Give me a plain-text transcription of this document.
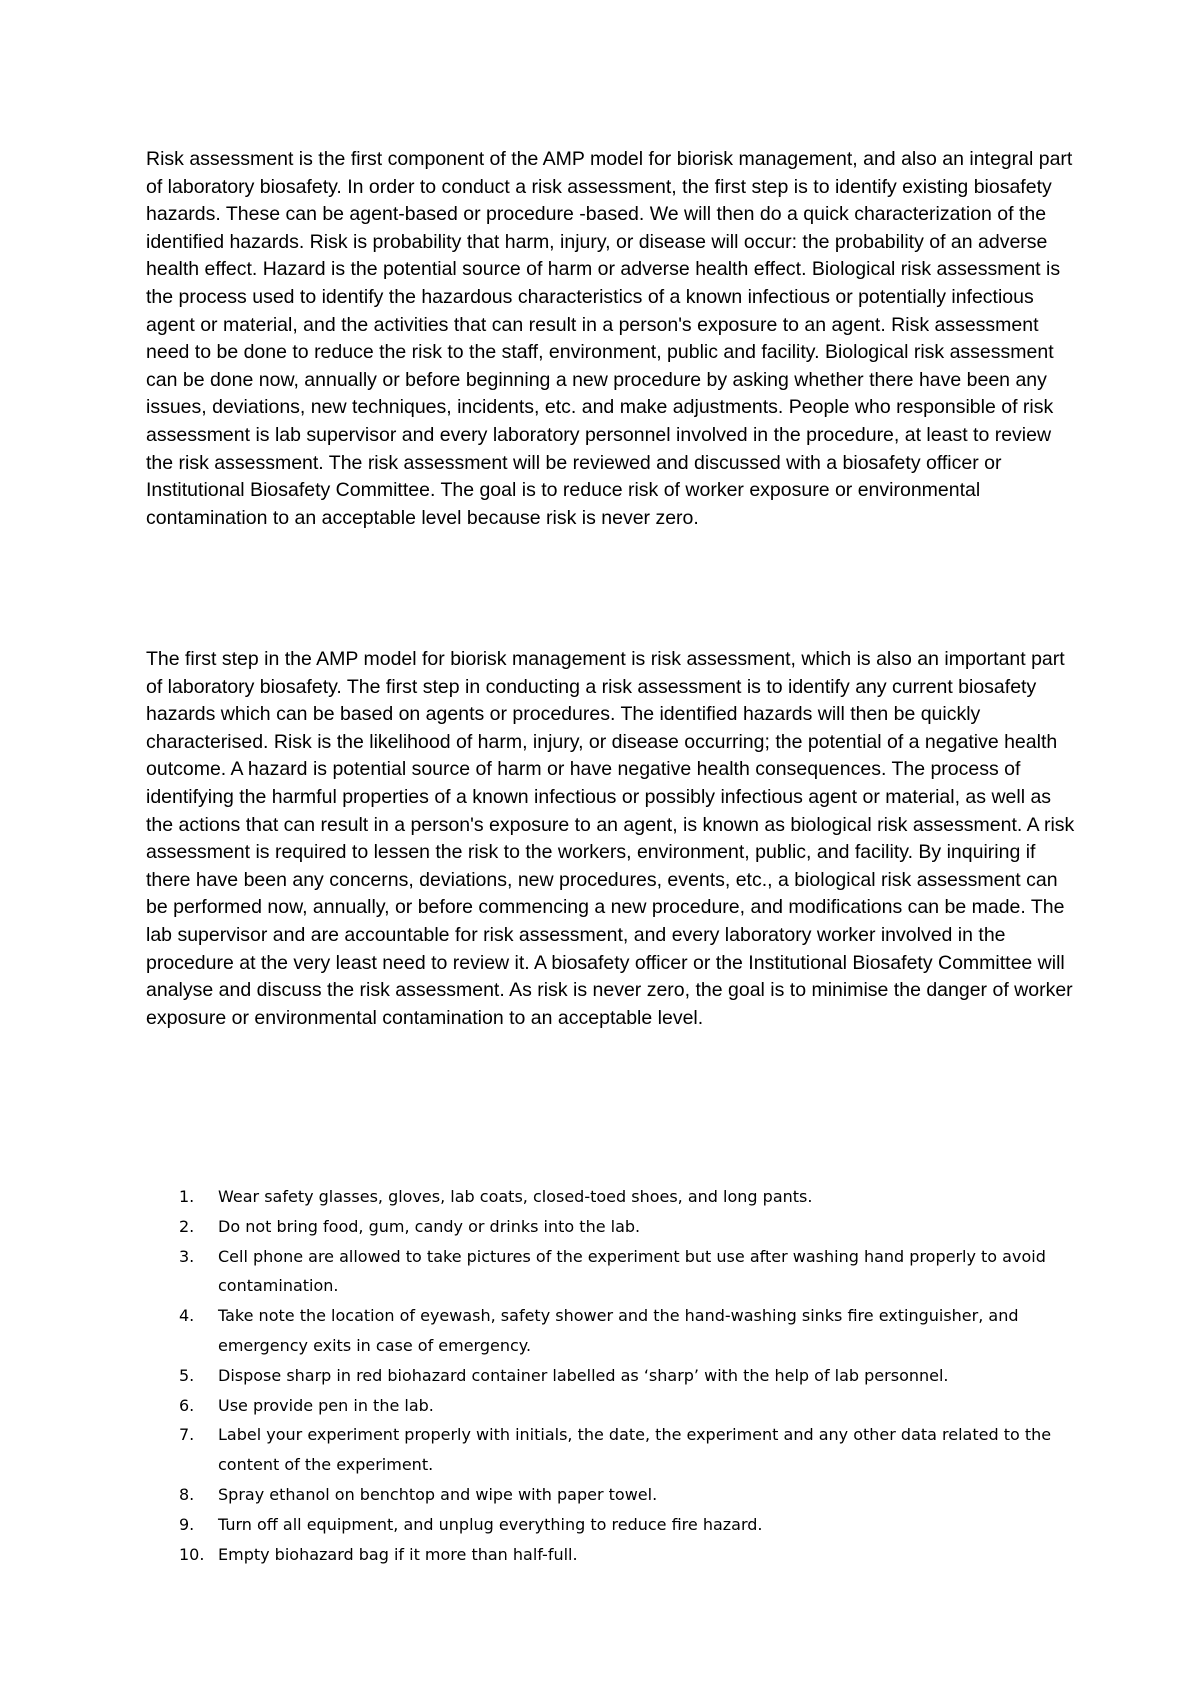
Risk assessment is the first component of the AMP model for biorisk management, and also an integral part of laboratory biosafety. In order to conduct a risk assessment, the first step is to identify existing biosafety hazards. These can be agent-based or procedure -based. We will then do a quick characterization of the identified hazards. Risk is probability that harm, injury, or disease will occur: the probability of an adverse health effect. Hazard is the potential source of harm or adverse health effect. Biological risk assessment is the process used to identify the hazardous characteristics of a known infectious or potentially infectious agent or material, and the activities that can result in a person's exposure to an agent. Risk assessment need to be done to reduce the risk to the staff, environment, public and facility. Biological risk assessment can be done now, annually or before beginning a new procedure by asking whether there have been any issues, deviations, new techniques, incidents, etc. and make adjustments. People who responsible of risk assessment is lab supervisor and every laboratory personnel involved in the procedure, at least to review the risk assessment. The risk assessment will be reviewed and discussed with a biosafety officer or Institutional Biosafety Committee. The goal is to reduce risk of worker exposure or environmental contamination to an acceptable level because risk is never zero.

The first step in the AMP model for biorisk management is risk assessment, which is also an important part of laboratory biosafety. The first step in conducting a risk assessment is to identify any current biosafety hazards which can be based on agents or procedures. The identified hazards will then be quickly characterised. Risk is the likelihood of harm, injury, or disease occurring; the potential of a negative health outcome. A hazard is potential source of harm or have negative health consequences. The process of identifying the harmful properties of a known infectious or possibly infectious agent or material, as well as the actions that can result in a person's exposure to an agent, is known as biological risk assessment. A risk assessment is required to lessen the risk to the workers, environment, public, and facility. By inquiring if there have been any concerns, deviations, new procedures, events, etc., a biological risk assessment can be performed now, annually, or before commencing a new procedure, and modifications can be made. The lab supervisor and are accountable for risk assessment, and every laboratory worker involved in the procedure at the very least need to review it. A biosafety officer or the Institutional Biosafety Committee will analyse and discuss the risk assessment. As risk is never zero, the goal is to minimise the danger of worker exposure or environmental contamination to an acceptable level.

1. Wear safety glasses, gloves, lab coats, closed-toed shoes, and long pants.
2. Do not bring food, gum, candy or drinks into the lab.
3. Cell phone are allowed to take pictures of the experiment but use after washing hand properly to avoid contamination.
4. Take note the location of eyewash, safety shower and the hand-washing sinks fire extinguisher, and emergency exits in case of emergency.
5. Dispose sharp in red biohazard container labelled as ‘sharp’ with the help of lab personnel.
6. Use provide pen in the lab.
7. Label your experiment properly with initials, the date, the experiment and any other data related to the content of the experiment.
8. Spray ethanol on benchtop and wipe with paper towel.
9. Turn off all equipment, and unplug everything to reduce fire hazard.
10. Empty biohazard bag if it more than half-full.
